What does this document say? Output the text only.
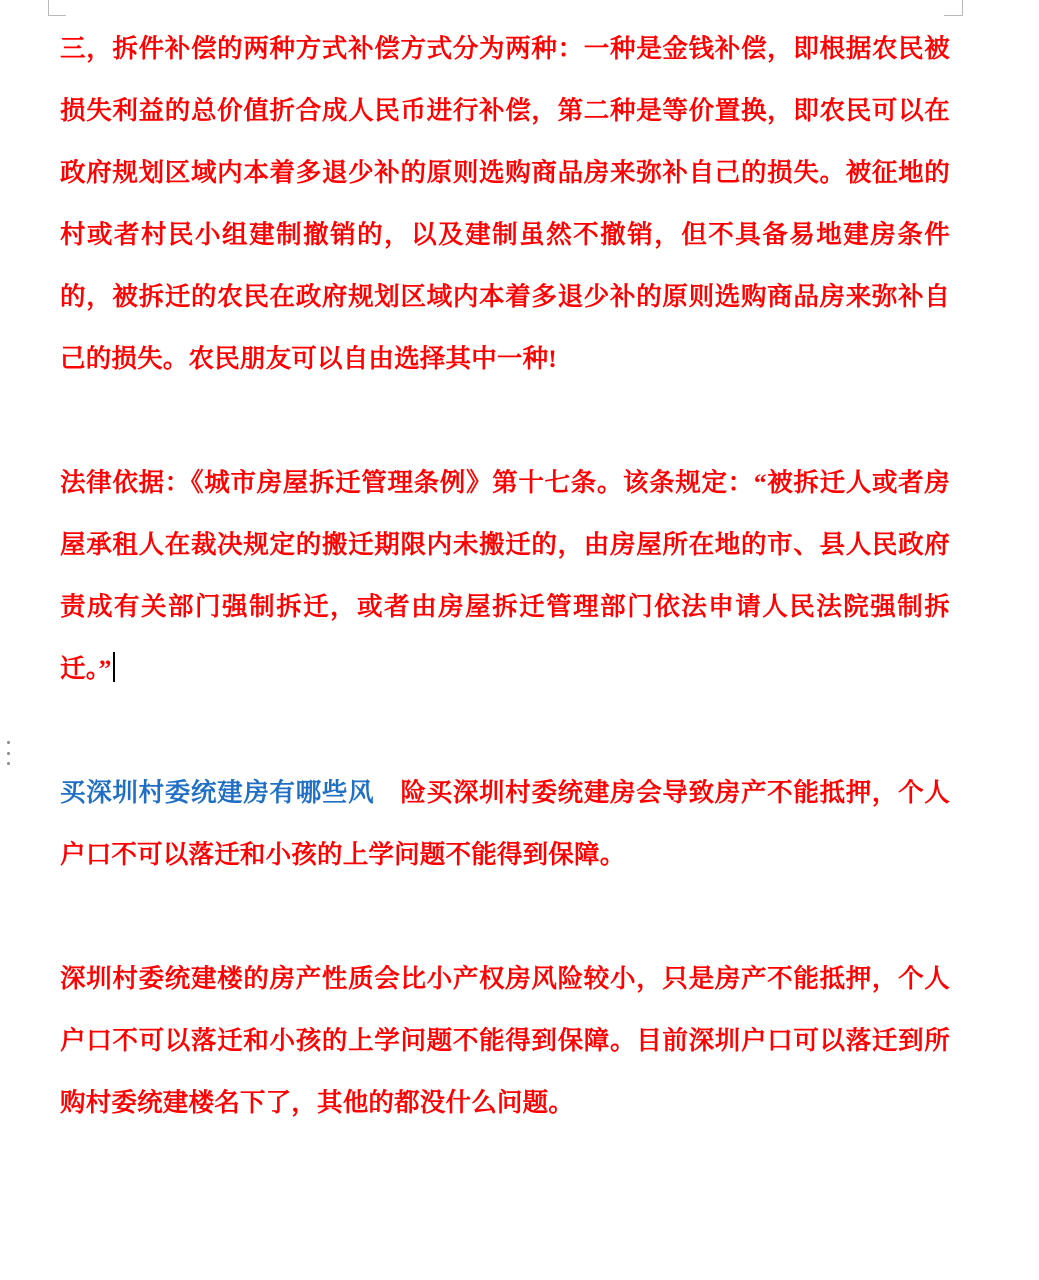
三，拆件补偿的两种方式补偿方式分为两种：一种是金钱补偿，即根据农民被损失利益的总价值折合成人民币进行补偿，第二种是等价置换，即农民可以在政府规划区域内本着多退少补的原则选购商品房来弥补自己的损失。被征地的村或者村民小组建制撤销的，以及建制虽然不撤销，但不具备易地建房条件的，被拆迁的农民在政府规划区域内本着多退少补的原则选购商品房来弥补自己的损失。农民朋友可以自由选择其中一种!

法律依据：《城市房屋拆迁管理条例》第十七条。该条规定：“被拆迁人或者房屋承租人在裁决规定的搬迁期限内未搬迁的，由房屋所在地的市、县人民政府责成有关部门强制拆迁，或者由房屋拆迁管理部门依法申请人民法院强制拆迁。”

买深圳村委统建房有哪些风　险买深圳村委统建房会导致房产不能抵押，个人户口不可以落迁和小孩的上学问题不能得到保障。

深圳村委统建楼的房产性质会比小产权房风险较小，只是房产不能抵押，个人户口不可以落迁和小孩的上学问题不能得到保障。目前深圳户口可以落迁到所购村委统建楼名下了，其他的都没什么问题。
